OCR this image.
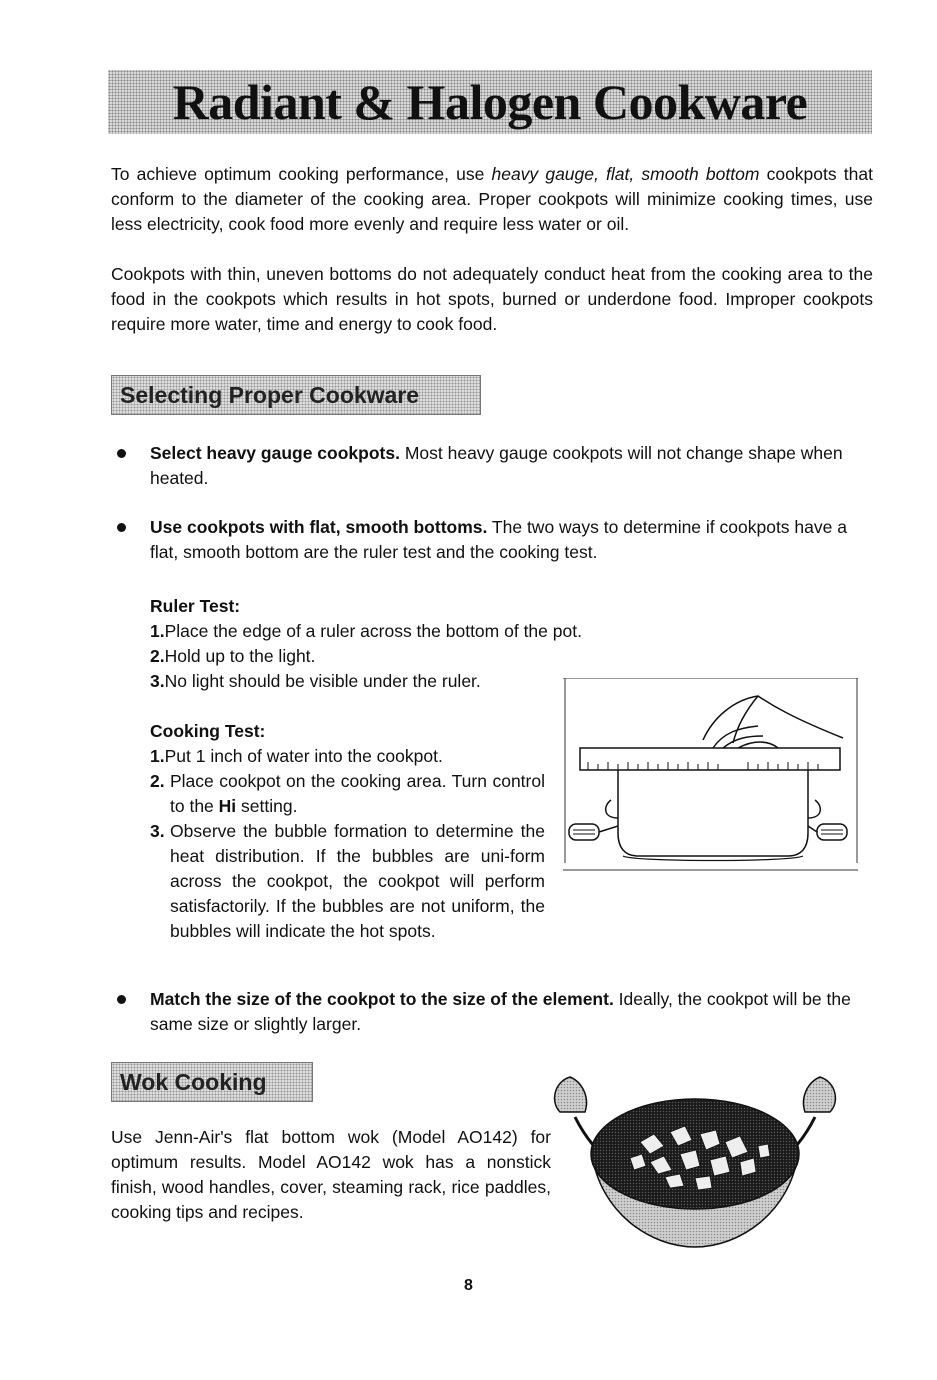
Radiant & Halogen Cookware
To achieve optimum cooking performance, use heavy gauge, flat, smooth bottom cookpots that conform to the diameter of the cooking area. Proper cookpots will minimize cooking times, use less electricity, cook food more evenly and require less water or oil.
Cookpots with thin, uneven bottoms do not adequately conduct heat from the cooking area to the food in the cookpots which results in hot spots, burned or underdone food. Improper cookpots require more water, time and energy to cook food.
Selecting Proper Cookware
Select heavy gauge cookpots. Most heavy gauge cookpots will not change shape when heated.
Use cookpots with flat, smooth bottoms. The two ways to determine if cookpots have a flat, smooth bottom are the ruler test and the cooking test.
Ruler Test:
1.Place the edge of a ruler across the bottom of the pot.
2.Hold up to the light.
3.No light should be visible under the ruler.
Cooking Test:
1.Put 1 inch of water into the cookpot.
2. Place cookpot on the cooking area. Turn control to the Hi setting.
3. Observe the bubble formation to determine the heat distribution. If the bubbles are uni-form across the cookpot, the cookpot will perform satisfactorily. If the bubbles are not uniform, the bubbles will indicate the hot spots.
Match the size of the cookpot to the size of the element. Ideally, the cookpot will be the same size or slightly larger.
Wok Cooking
Use Jenn-Air's flat bottom wok (Model AO142) for optimum results. Model AO142 wok has a nonstick finish, wood handles, cover, steaming rack, rice paddles, cooking tips and recipes.
8
